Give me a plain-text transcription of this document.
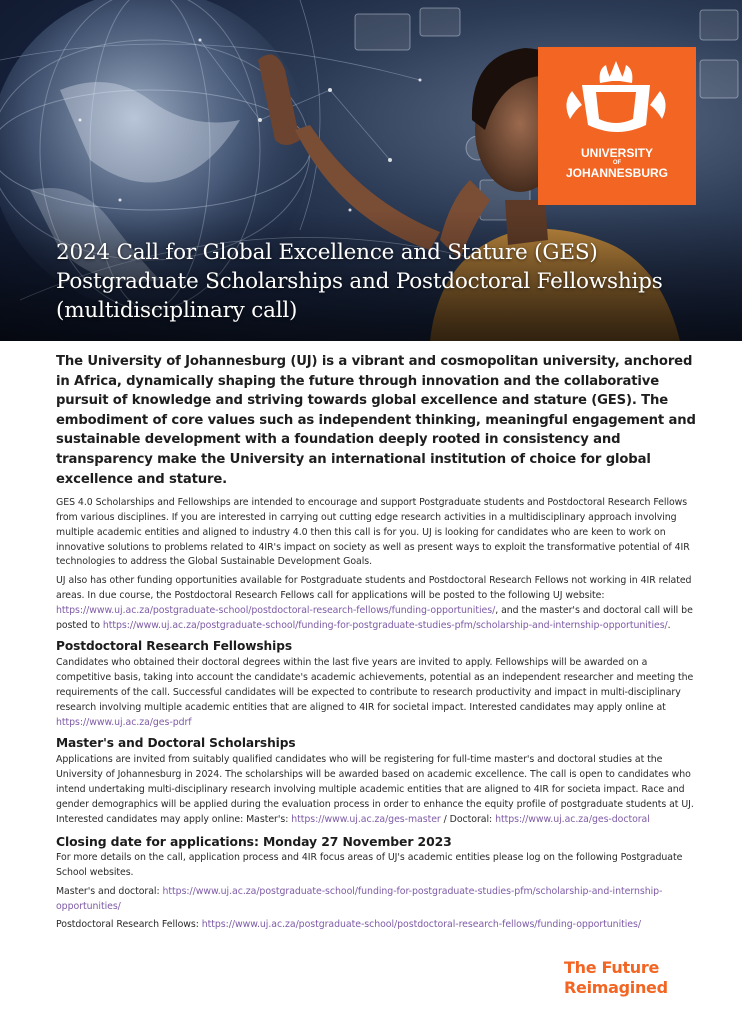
UNIVERSITY
OF
JOHANNESBURG
2024 Call for Global Excellence and Stature (GES)
Postgraduate Scholarships and Postdoctoral Fellowships
(multidisciplinary call)

The University of Johannesburg (UJ) is a vibrant and cosmopolitan university, anchored in Africa, dynamically shaping the future through innovation and the collaborative pursuit of knowledge and striving towards global excellence and stature (GES). The embodiment of core values such as independent thinking, meaningful engagement and sustainable development with a foundation deeply rooted in consistency and transparency make the University an international institution of choice for global excellence and stature.

GES 4.0 Scholarships and Fellowships are intended to encourage and support Postgraduate students and Postdoctoral Research Fellows from various disciplines. If you are interested in carrying out cutting edge research activities in a multidisciplinary approach involving multiple academic entities and aligned to industry 4.0 then this call is for you. UJ is looking for candidates who are keen to work on innovative solutions to problems related to 4IR's impact on society as well as present ways to exploit the transformative potential of 4IR technologies to address the Global Sustainable Development Goals.

UJ also has other funding opportunities available for Postgraduate students and Postdoctoral Research Fellows not working in 4IR related areas. In due course, the Postdoctoral Research Fellows call for applications will be posted to the following UJ website: https://www.uj.ac.za/postgraduate-school/postdoctoral-research-fellows/funding-opportunities/, and the master's and doctoral call will be posted to https://www.uj.ac.za/postgraduate-school/funding-for-postgraduate-studies-pfm/scholarship-and-internship-opportunities/.

Postdoctoral Research Fellowships

Candidates who obtained their doctoral degrees within the last five years are invited to apply. Fellowships will be awarded on a competitive basis, taking into account the candidate's academic achievements, potential as an independent researcher and meeting the requirements of the call. Successful candidates will be expected to contribute to research productivity and impact in multi-disciplinary research involving multiple academic entities that are aligned to 4IR for societal impact. Interested candidates may apply online at https://www.uj.ac.za/ges-pdrf

Master's and Doctoral Scholarships

Applications are invited from suitably qualified candidates who will be registering for full-time master's and doctoral studies at the University of Johannesburg in 2024. The scholarships will be awarded based on academic excellence. The call is open to candidates who intend undertaking multi-disciplinary research involving multiple academic entities that are aligned to 4IR for societa impact. Race and gender demographics will be applied during the evaluation process in order to enhance the equity profile of postgraduate students at UJ. Interested candidates may apply online: Master's: https://www.uj.ac.za/ges-master / Doctoral: https://www.uj.ac.za/ges-doctoral

Closing date for applications: Monday 27 November 2023

For more details on the call, application process and 4IR focus areas of UJ's academic entities please log on the following Postgraduate School websites.

Master's and doctoral: https://www.uj.ac.za/postgraduate-school/funding-for-postgraduate-studies-pfm/scholarship-and-internship-opportunities/

Postdoctoral Research Fellows: https://www.uj.ac.za/postgraduate-school/postdoctoral-research-fellows/funding-opportunities/

The Future
Reimagined
